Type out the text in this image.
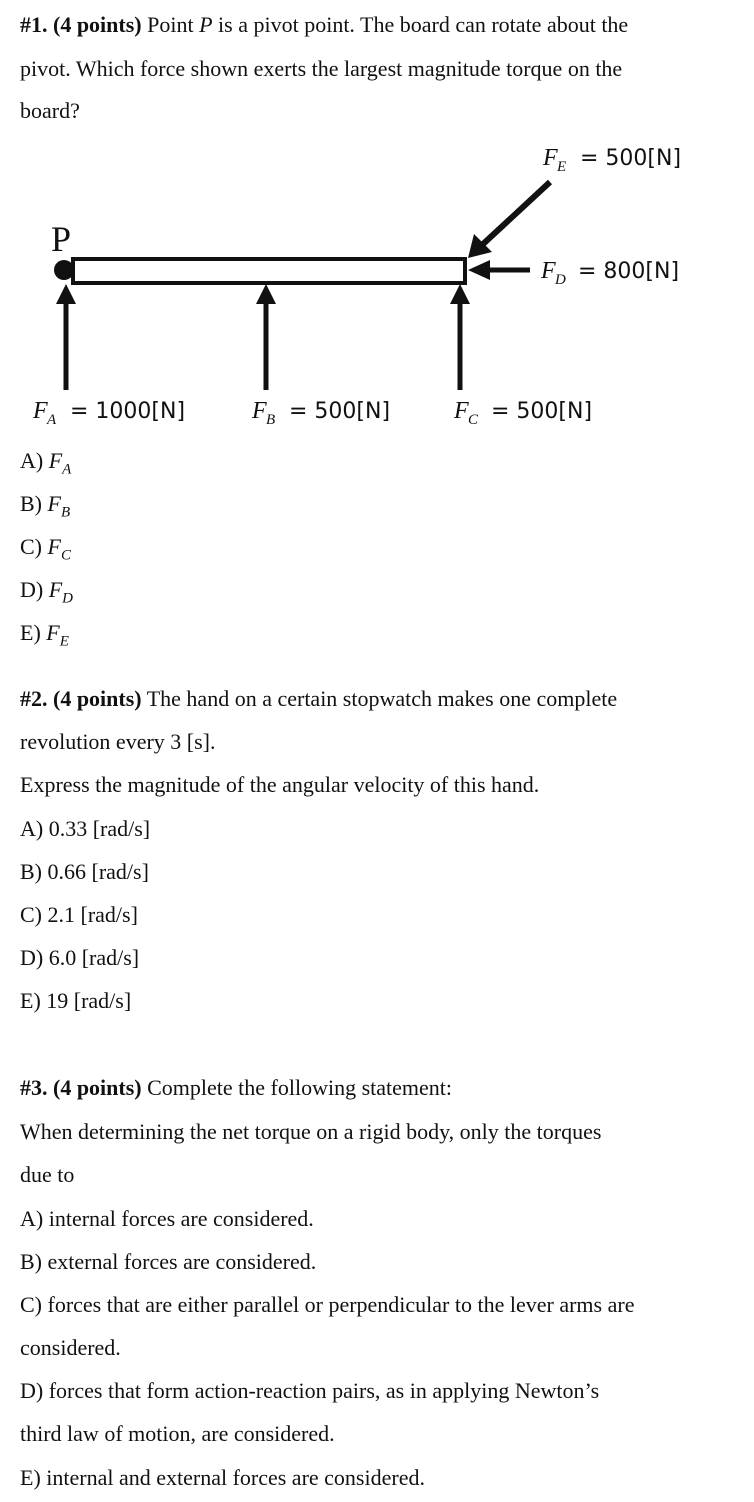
#1. (4 points) Point P is a pivot point. The board can rotate about the
pivot. Which force shown exerts the largest magnitude torque on the
board?
P
F E = 500[N]
F D = 800[N]
F A = 1000[N]	F B = 500[N]	F C = 500[N]
A) $F_A$
B) $F_B$
C) $F_C$
D) $F_D$
E) $F_E$
#2. (4 points) The hand on a certain stopwatch makes one complete
revolution every 3 [s].
Express the magnitude of the angular velocity of this hand.
A) 0.33 [rad/s]
B) 0.66 [rad/s]
C) 2.1 [rad/s]
D) 6.0 [rad/s]
E) 19 [rad/s]
#3. (4 points) Complete the following statement:
When determining the net torque on a rigid body, only the torques
due to
A) internal forces are considered.
B) external forces are considered.
C) forces that are either parallel or perpendicular to the lever arms are
considered.
D) forces that form action-reaction pairs, as in applying Newton’s
third law of motion, are considered.
E) internal and external forces are considered.
